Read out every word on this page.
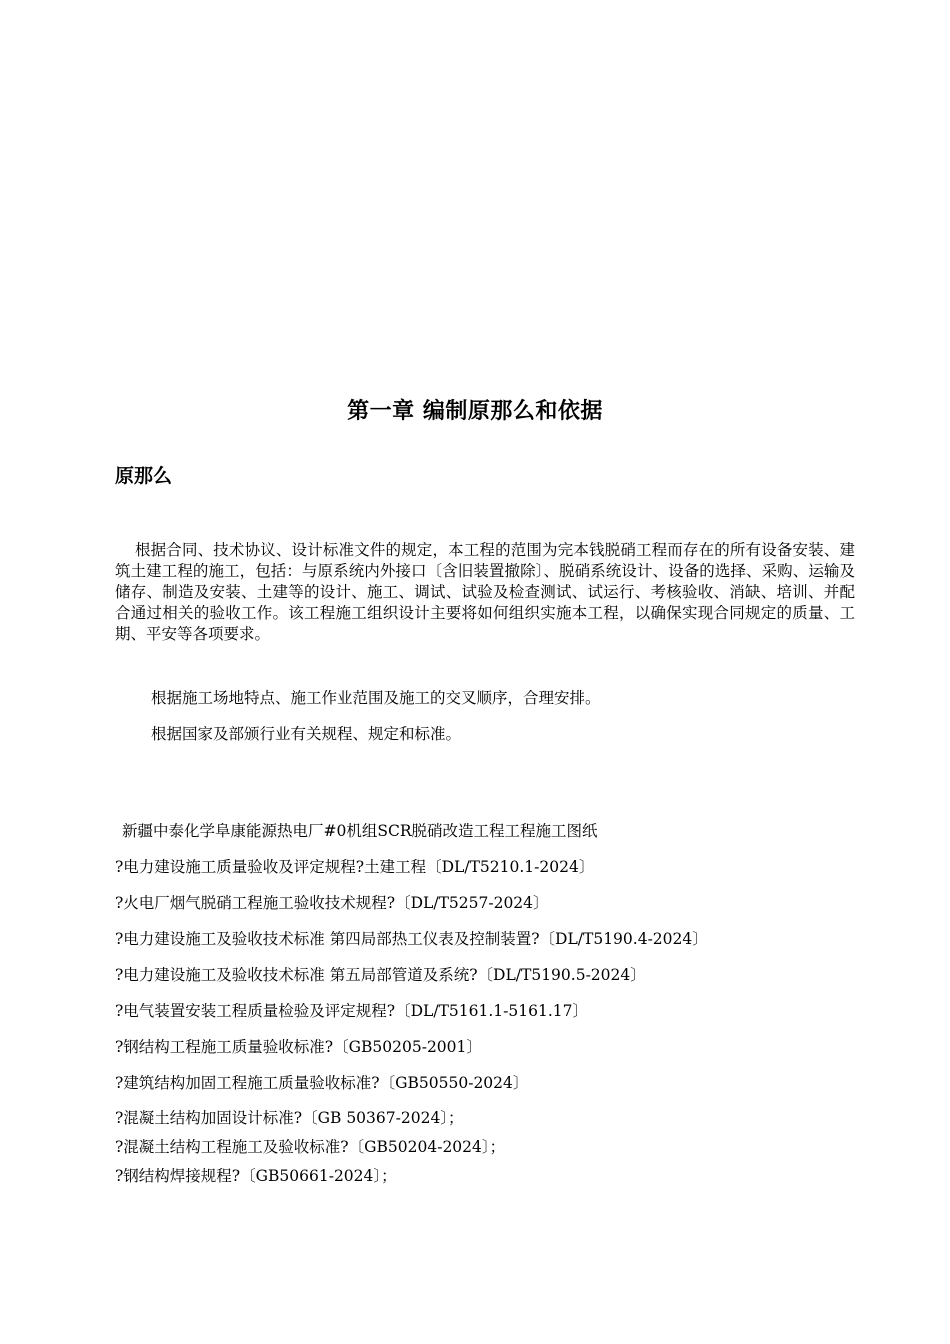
第一章 编制原那么和依据
原那么

根据合同、技术协议、设计标准文件的规定，本工程的范围为完本钱脱硝工程而存在的所有设备安装、建筑土建工程的施工，包括：与原系统内外接口〔含旧装置撤除〕、脱硝系统设计、设备的选择、采购、运输及储存、制造及安装、土建等的设计、施工、调试、试验及检查测试、试运行、考核验收、消缺、培训、并配合通过相关的验收工作。该工程施工组织设计主要将如何组织实施本工程，以确保实现合同规定的质量、工期、平安等各项要求。

根据施工场地特点、施工作业范围及施工的交叉顺序，合理安排。

根据国家及部颁行业有关规程、规定和标准。

新疆中泰化学阜康能源热电厂#0机组SCR脱硝改造工程工程施工图纸
?电力建设施工质量验收及评定规程?土建工程〔DL/T5210.1-2024〕
?火电厂烟气脱硝工程施工验收技术规程?〔DL/T5257-2024〕
?电力建设施工及验收技术标准 第四局部热工仪表及控制装置?〔DL/T5190.4-2024〕
?电力建设施工及验收技术标准 第五局部管道及系统?〔DL/T5190.5-2024〕
?电气装置安装工程质量检验及评定规程?〔DL/T5161.1-5161.17〕
?钢结构工程施工质量验收标准?〔GB50205-2001〕
?建筑结构加固工程施工质量验收标准?〔GB50550-2024〕
?混凝土结构加固设计标准?〔GB 50367-2024〕；
?混凝土结构工程施工及验收标准?〔GB50204-2024〕；
?钢结构焊接规程?〔GB50661-2024〕；
